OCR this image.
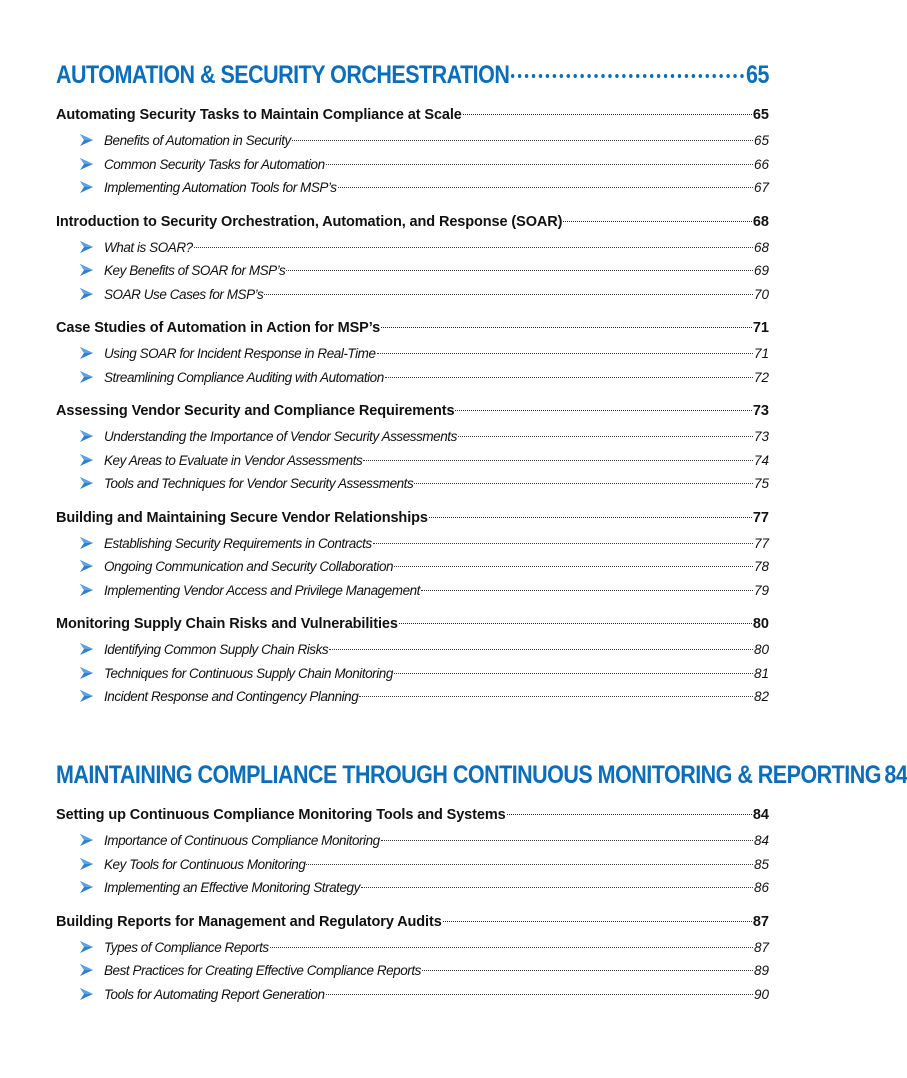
AUTOMATION & SECURITY ORCHESTRATION	65
Automating Security Tasks to Maintain Compliance at Scale	65
Benefits of Automation in Security	65
Common Security Tasks for Automation	66
Implementing Automation Tools for MSP’s	67
Introduction to Security Orchestration, Automation, and Response (SOAR)	68
What is SOAR?	68
Key Benefits of SOAR for MSP’s	69
SOAR Use Cases for MSP’s	70
Case Studies of Automation in Action for MSP’s	71
Using SOAR for Incident Response in Real-Time	71
Streamlining Compliance Auditing with Automation	72
Assessing Vendor Security and Compliance Requirements	73
Understanding the Importance of Vendor Security Assessments	73
Key Areas to Evaluate in Vendor Assessments	74
Tools and Techniques for Vendor Security Assessments	75
Building and Maintaining Secure Vendor Relationships	77
Establishing Security Requirements in Contracts	77
Ongoing Communication and Security Collaboration	78
Implementing Vendor Access and Privilege Management	79
Monitoring Supply Chain Risks and Vulnerabilities	80
Identifying Common Supply Chain Risks	80
Techniques for Continuous Supply Chain Monitoring	81
Incident Response and Contingency Planning	82
MAINTAINING COMPLIANCE THROUGH CONTINUOUS MONITORING & REPORTING 84
Setting up Continuous Compliance Monitoring Tools and Systems	84
Importance of Continuous Compliance Monitoring	84
Key Tools for Continuous Monitoring	85
Implementing an Effective Monitoring Strategy	86
Building Reports for Management and Regulatory Audits	87
Types of Compliance Reports	87
Best Practices for Creating Effective Compliance Reports	89
Tools for Automating Report Generation	90
